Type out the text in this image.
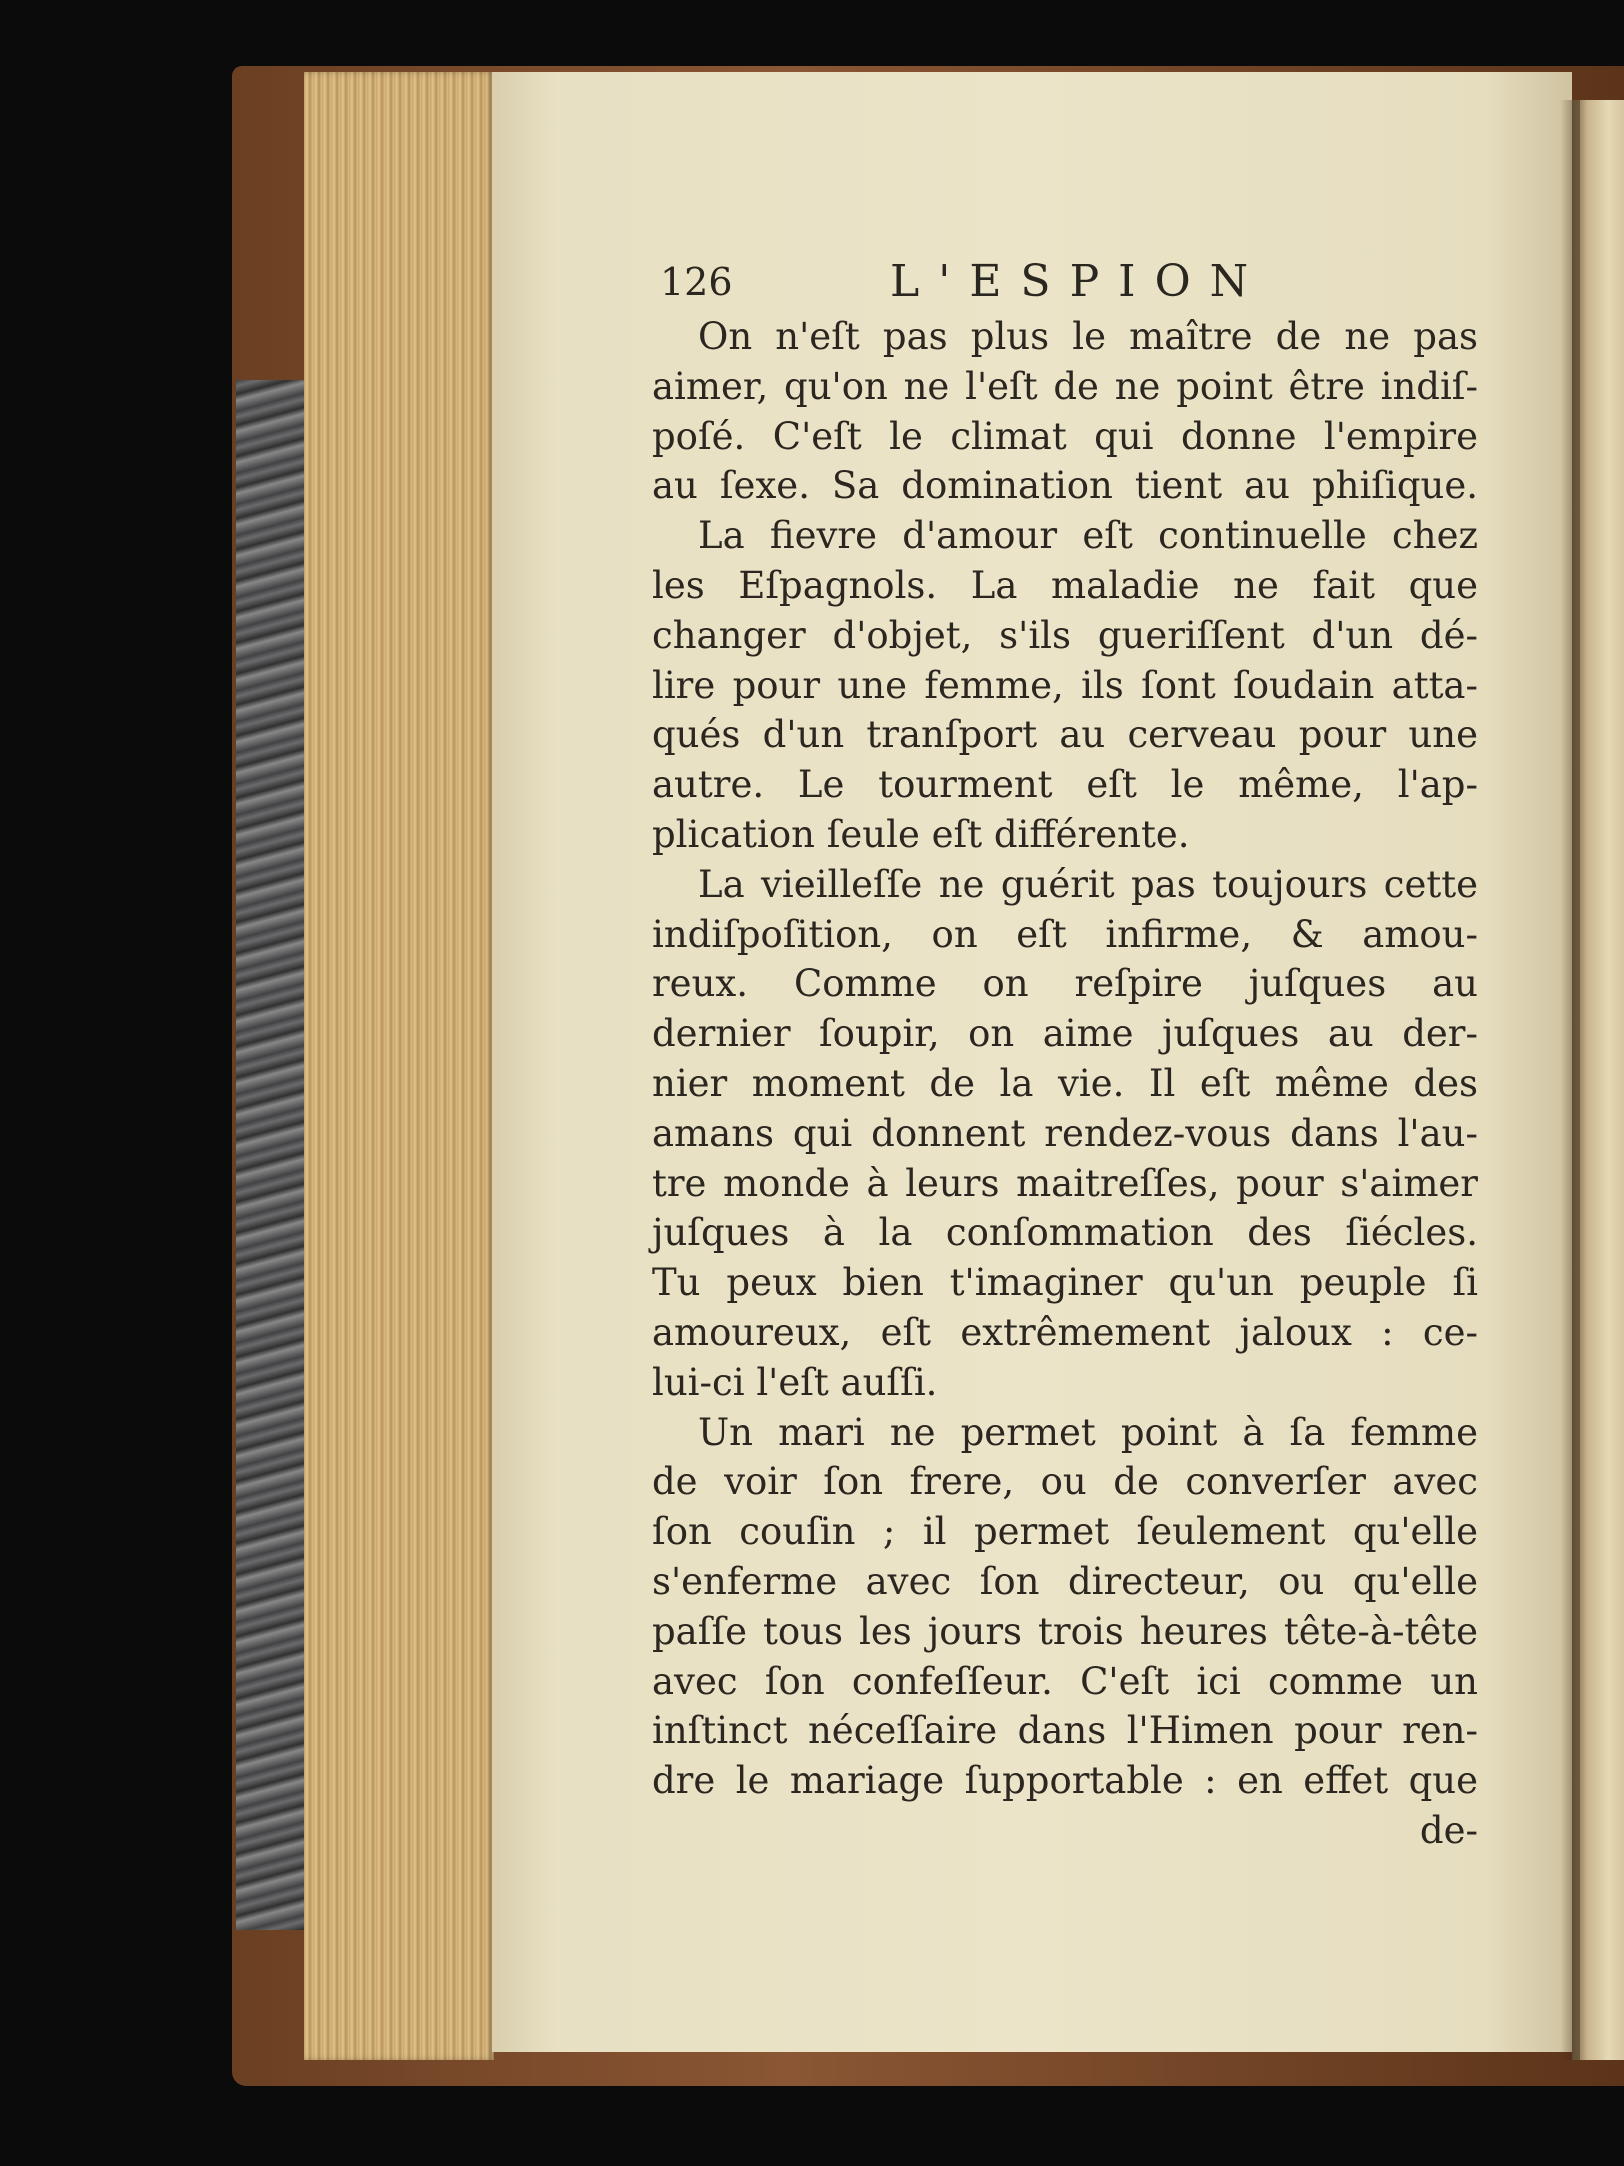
126	L'ESPION
On n'eſt pas plus le maître de ne pas
aimer, qu'on ne l'eſt de ne point être indiſ-
poſé. C'eſt le climat qui donne l'empire
au ſexe. Sa domination tient au phiſique.
La fievre d'amour eſt continuelle chez
les Eſpagnols. La maladie ne fait que
changer d'objet, s'ils gueriſſent d'un dé-
lire pour une femme, ils ſont ſoudain atta-
qués d'un tranſport au cerveau pour une
autre. Le tourment eſt le même, l'ap-
plication ſeule eſt différente.
La vieilleſſe ne guérit pas toujours cette
indiſpoſition, on eſt infirme, & amou-
reux. Comme on reſpire juſques au
dernier ſoupir, on aime juſques au der-
nier moment de la vie. Il eſt même des
amans qui donnent rendez-vous dans l'au-
tre monde à leurs maitreſſes, pour s'aimer
juſques à la conſommation des ſiécles.
Tu peux bien t'imaginer qu'un peuple ſi
amoureux, eſt extrêmement jaloux : ce-
lui-ci l'eſt auſſi.
Un mari ne permet point à ſa femme
de voir ſon frere, ou de converſer avec
ſon couſin ; il permet ſeulement qu'elle
s'enferme avec ſon directeur, ou qu'elle
paſſe tous les jours trois heures tête-à-tête
avec ſon confeſſeur. C'eſt ici comme un
inſtinct néceſſaire dans l'Himen pour ren-
dre le mariage ſupportable : en effet que
de-
